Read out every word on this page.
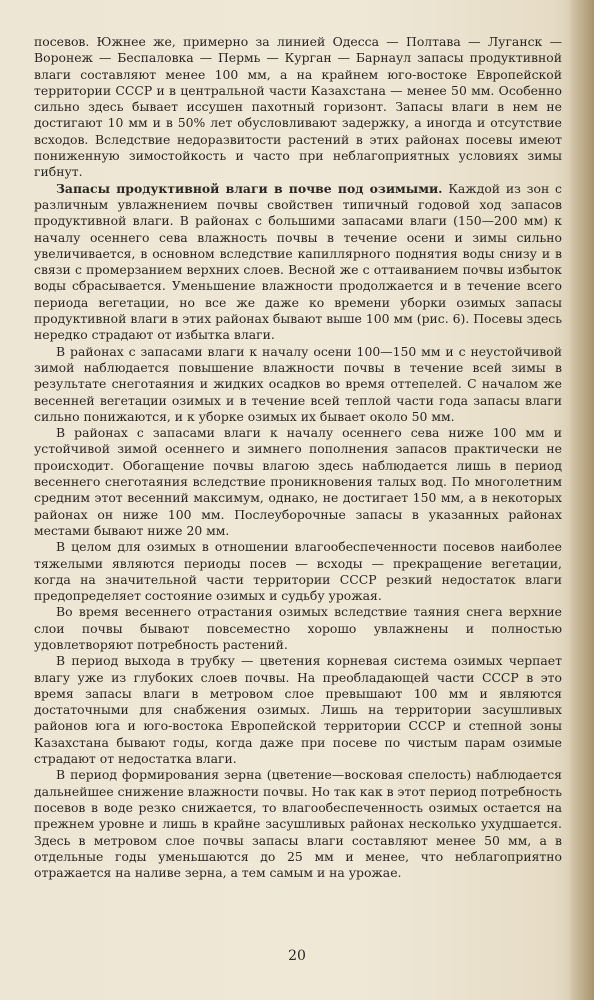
посевов. Южнее же, примерно за линией Одесса — Полтава — Луганск — Воронеж — Беспаловка — Пермь — Курган — Барнаул запасы продуктивной влаги составляют менее 100 мм, а на крайнем юго-востоке Европейской территории СССР и в центральной части Казахстана — менее 50 мм. Особенно сильно здесь бывает иссушен пахотный горизонт. Запасы влаги в нем не достигают 10 мм и в 50% лет обусловливают задержку, а иногда и отсутствие всходов. Вследствие недоразвитости растений в этих районах посевы имеют пониженную зимостойкость и часто при неблагоприятных условиях зимы гибнут.

Запасы продуктивной влаги в почве под озимыми. Каждой из зон с различным увлажнением почвы свойствен типичный годовой ход запасов продуктивной влаги. В районах с большими запасами влаги (150—200 мм) к началу осеннего сева влажность почвы в течение осени и зимы сильно увеличивается, в основном вследствие капиллярного поднятия воды снизу и в связи с промерзанием верхних слоев. Весной же с оттаиванием почвы избыток воды сбрасывается. Уменьшение влажности продолжается и в течение всего периода вегетации, но все же даже ко времени уборки озимых запасы продуктивной влаги в этих районах бывают выше 100 мм (рис. 6). Посевы здесь нередко страдают от избытка влаги.

В районах с запасами влаги к началу осени 100—150 мм и с неустойчивой зимой наблюдается повышение влажности почвы в течение всей зимы в результате снеготаяния и жидких осадков во время оттепелей. С началом же весенней вегетации озимых и в течение всей теплой части года запасы влаги сильно понижаются, и к уборке озимых их бывает около 50 мм.

В районах с запасами влаги к началу осеннего сева ниже 100 мм и устойчивой зимой осеннего и зимнего пополнения запасов практически не происходит. Обогащение почвы влагою здесь наблюдается лишь в период весеннего снеготаяния вследствие проникновения талых вод. По многолетним средним этот весенний максимум, однако, не достигает 150 мм, а в некоторых районах он ниже 100 мм. Послеуборочные запасы в указанных районах местами бывают ниже 20 мм.

В целом для озимых в отношении влагообеспеченности посевов наиболее тяжелыми являются периоды посев — всходы — прекращение вегетации, когда на значительной части территории СССР резкий недостаток влаги предопределяет состояние озимых и судьбу урожая.

Во время весеннего отрастания озимых вследствие таяния снега верхние слои почвы бывают повсеместно хорошо увлажнены и полностью удовлетворяют потребность растений.

В период выхода в трубку — цветения корневая система озимых черпает влагу уже из глубоких слоев почвы. На преобладающей части СССР в это время запасы влаги в метровом слое превышают 100 мм и являются достаточными для снабжения озимых. Лишь на территории засушливых районов юга и юго-востока Европейской территории СССР и степной зоны Казахстана бывают годы, когда даже при посеве по чистым парам озимые страдают от недостатка влаги.

В период формирования зерна (цветение—восковая спелость) наблюдается дальнейшее снижение влажности почвы. Но так как в этот период потребность посевов в воде резко снижается, то влагообеспеченность озимых остается на прежнем уровне и лишь в крайне засушливых районах несколько ухудшается. Здесь в метровом слое почвы запасы влаги составляют менее 50 мм, а в отдельные годы уменьшаются до 25 мм и менее, что неблагоприятно отражается на наливе зерна, а тем самым и на урожае.

20
